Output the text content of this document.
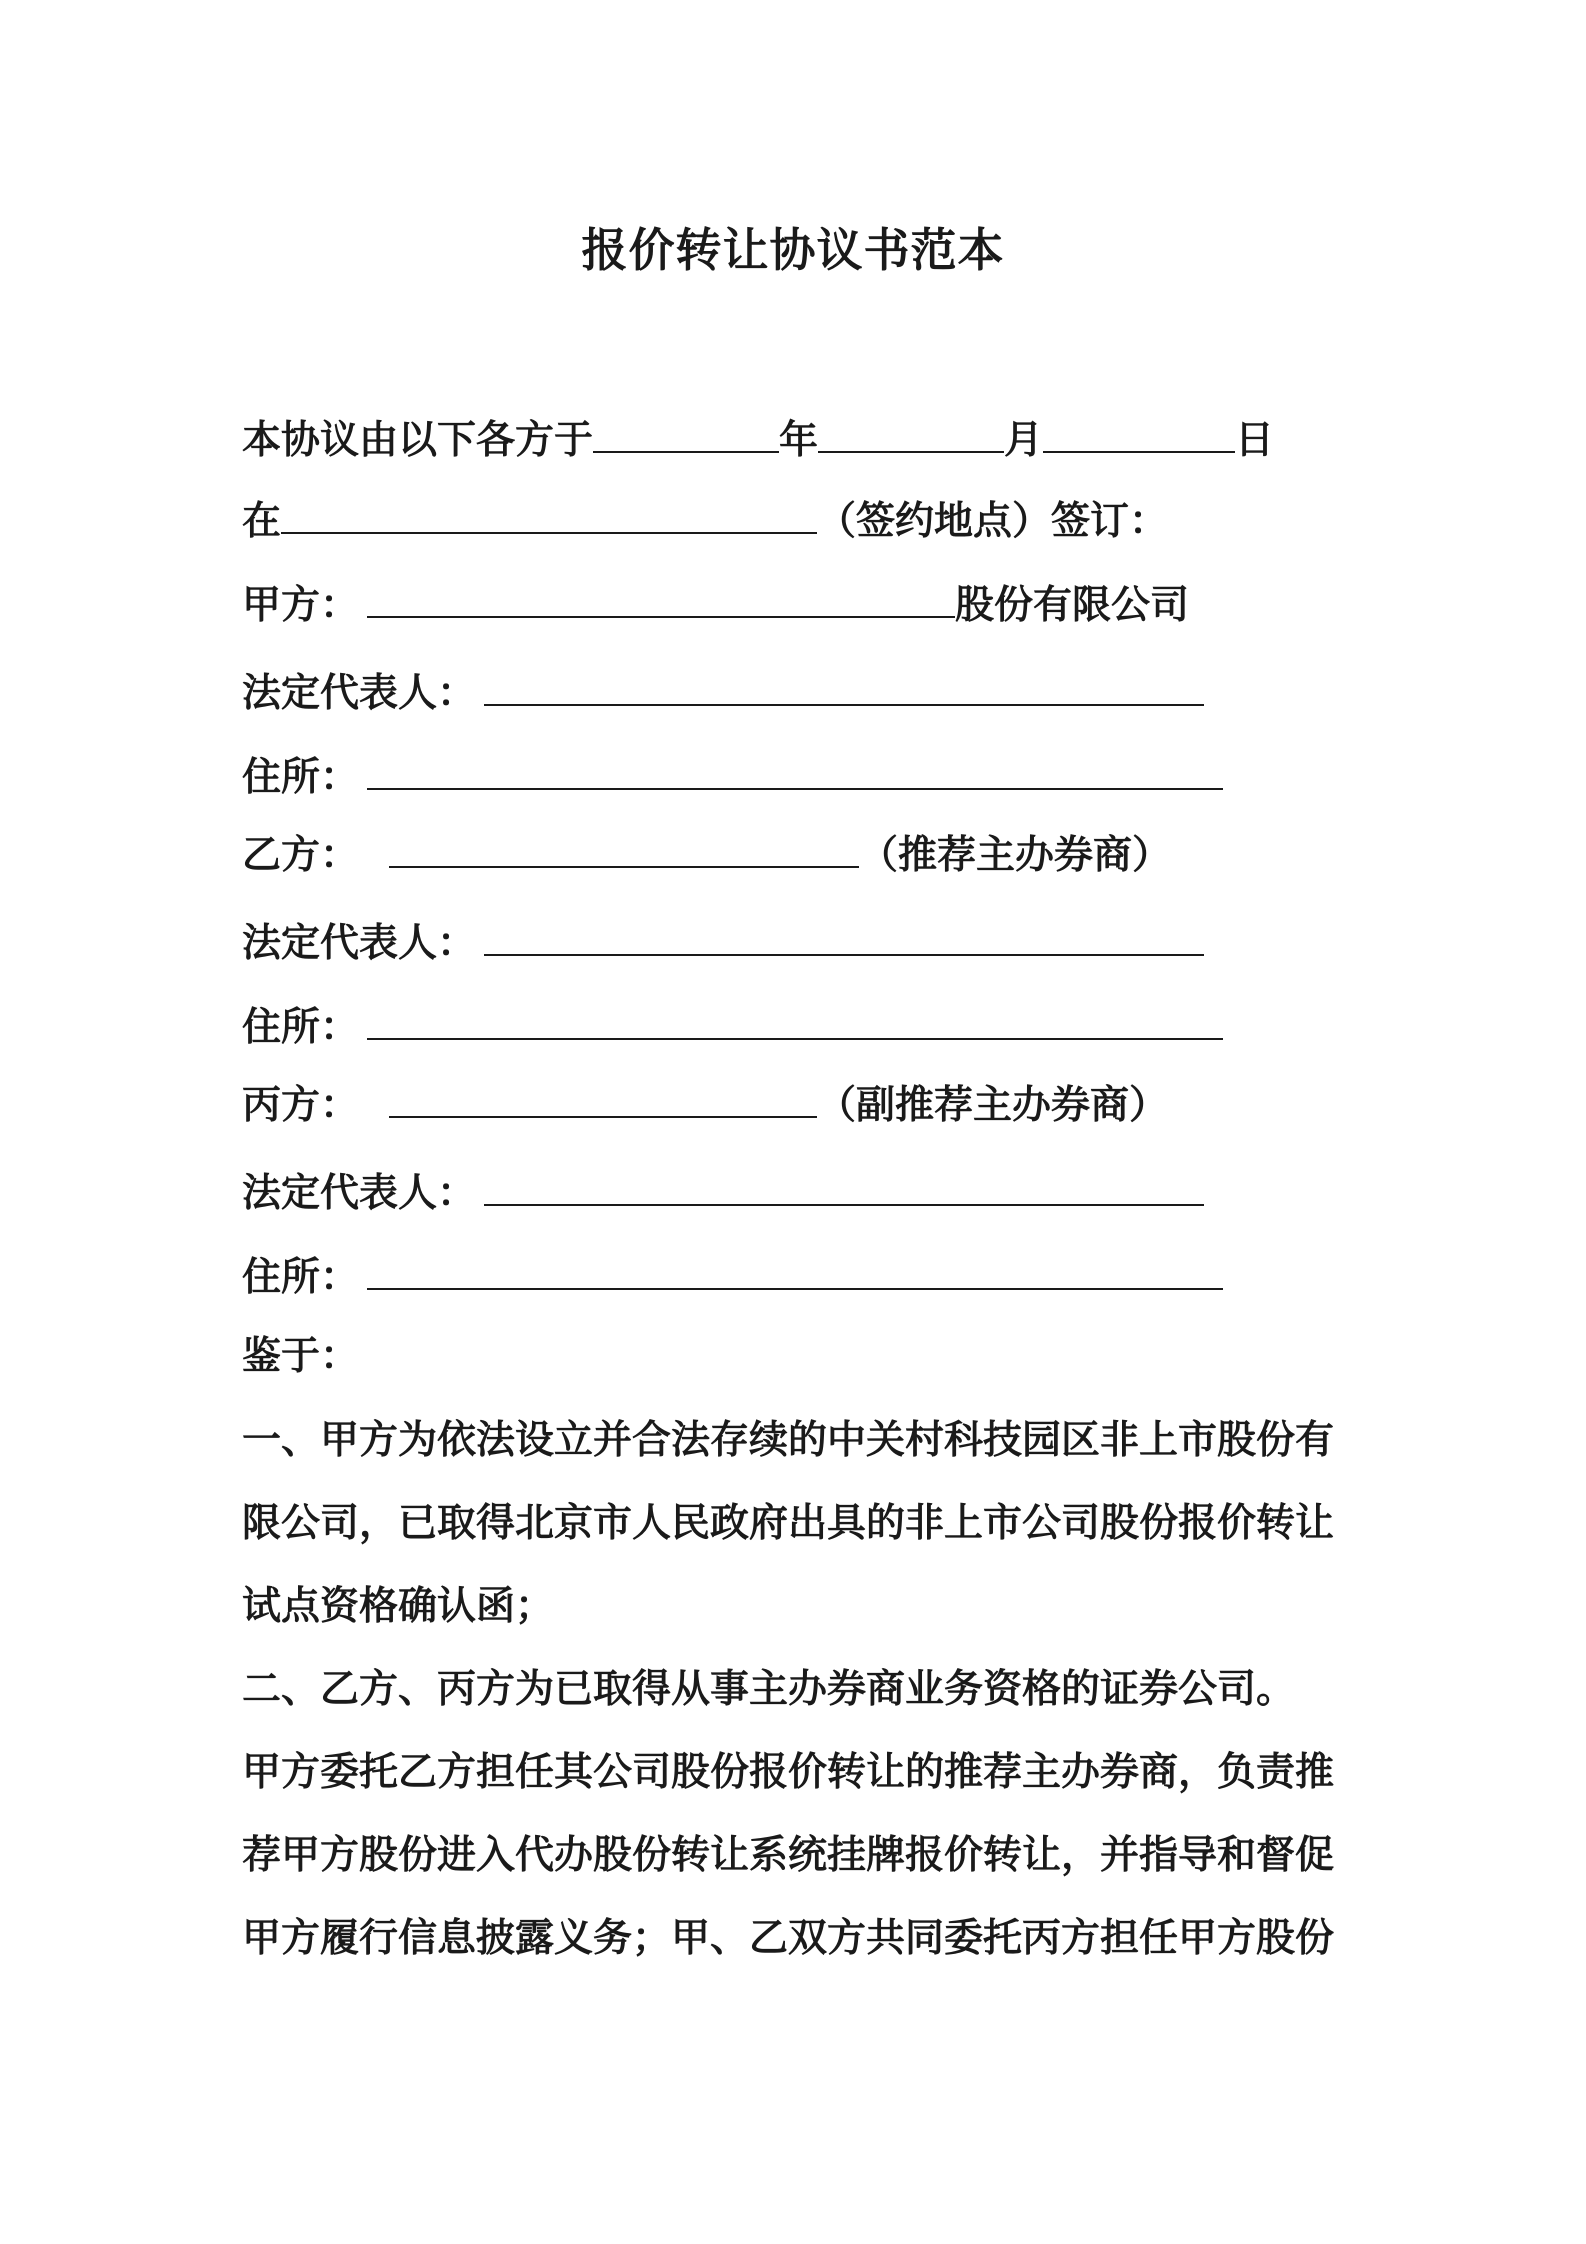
报价转让协议书范本
本协议由以下各方于	年	月	日
在	（签约地点）签订：
甲方：	股份有限公司
法定代表人：
住所：
乙方：	（推荐主办券商）
法定代表人：
住所：
丙方：	（副推荐主办券商）
法定代表人：
住所：
鉴于：
一、甲方为依法设立并合法存续的中关村科技园区非上市股份有
限公司，已取得北京市人民政府出具的非上市公司股份报价转让
试点资格确认函；
二、乙方、丙方为已取得从事主办券商业务资格的证券公司。
甲方委托乙方担任其公司股份报价转让的推荐主办券商，负责推
荐甲方股份进入代办股份转让系统挂牌报价转让，并指导和督促
甲方履行信息披露义务；甲、乙双方共同委托丙方担任甲方股份
